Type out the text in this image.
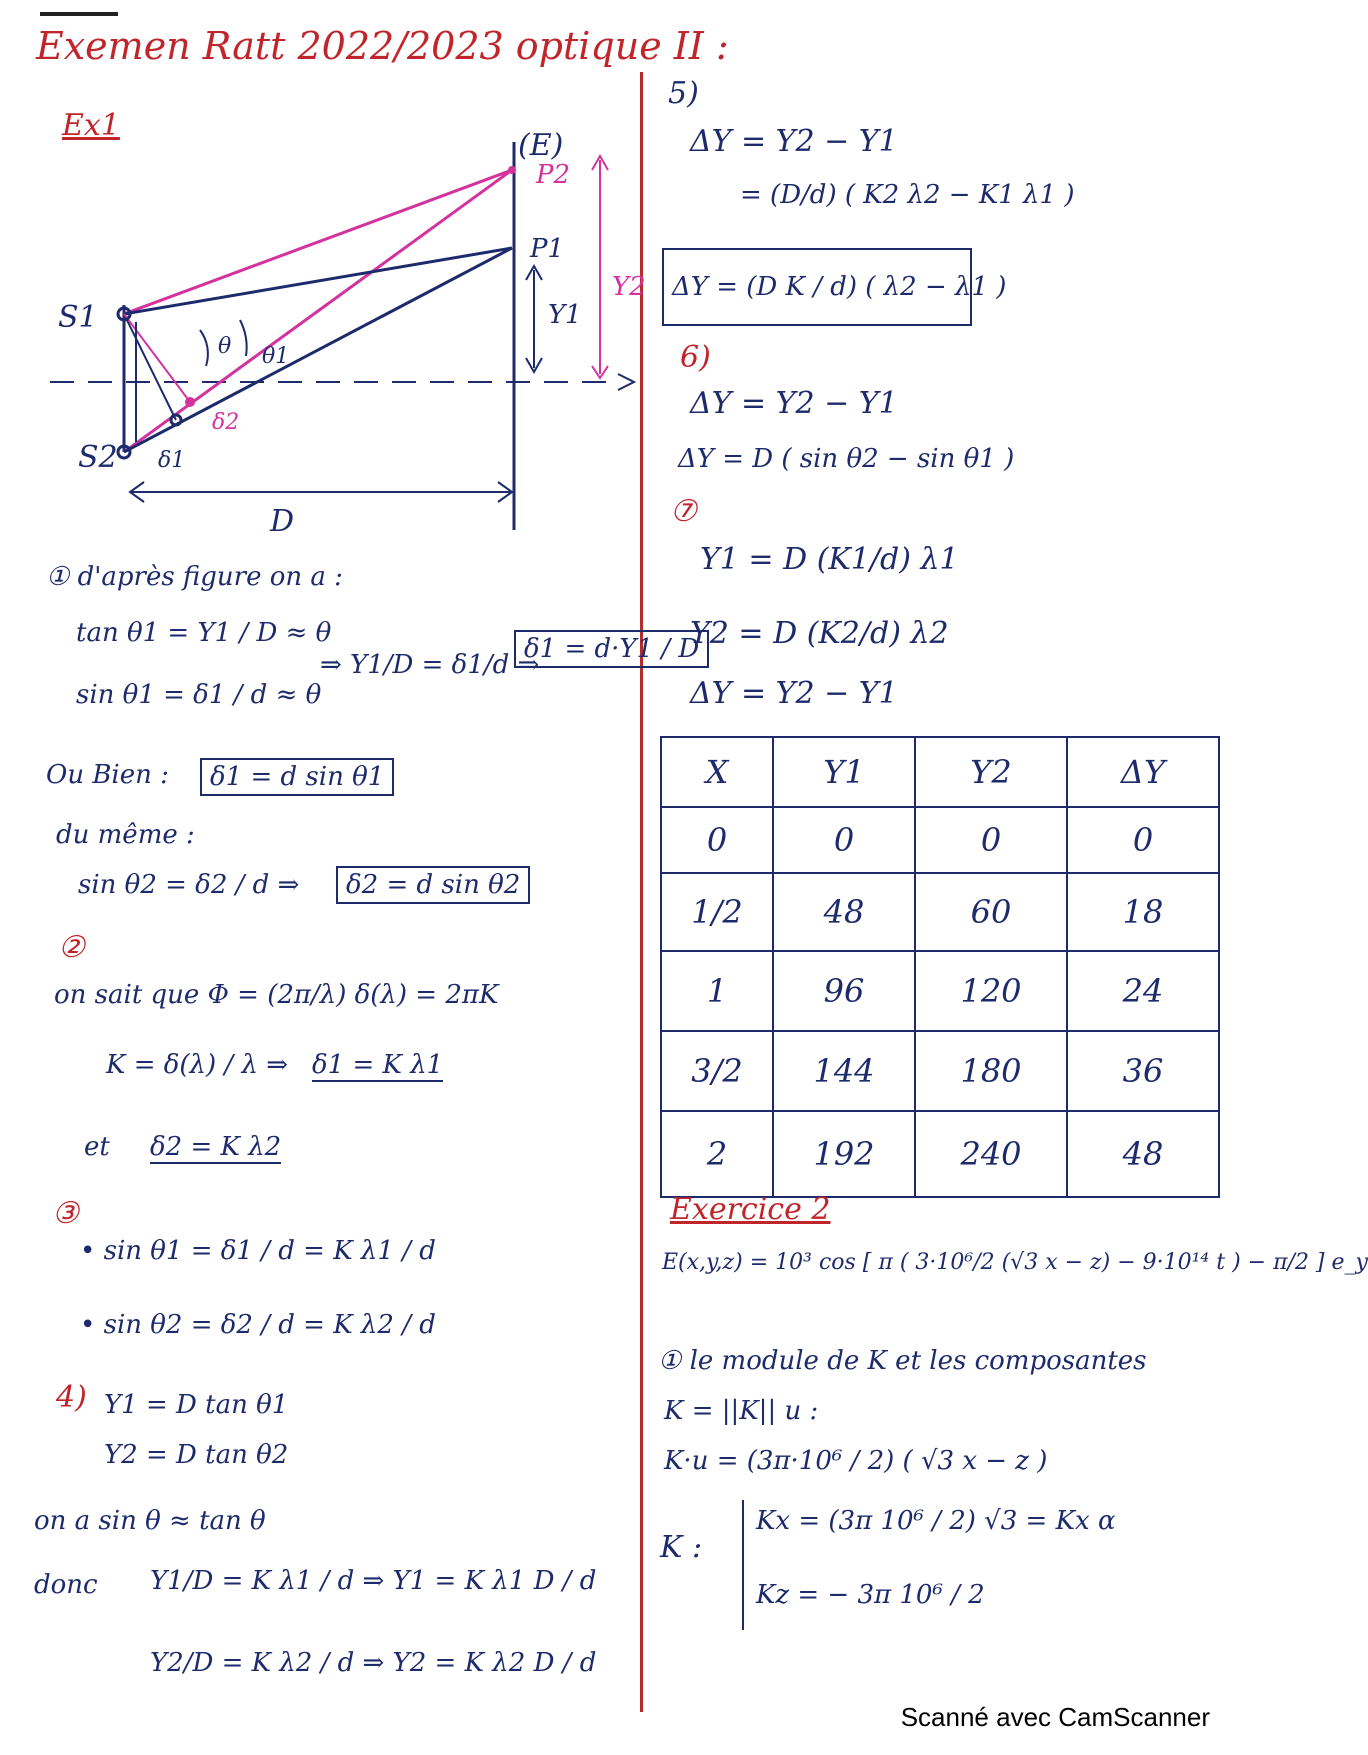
Exemen Ratt 2022/2023 optique II :
Ex1
(E)
P2
P1
Y1
Y2
S1
S2
θ θ1
δ1
δ2
D
① d'après figure on a :
tan θ1 = Y1 / D ≈ θ
sin θ1 = δ1 / d ≈ θ
⇒ Y1/D = δ1/d ⇒
δ1 = d·Y1 / D
Ou Bien :	δ1 = d sin θ1
du même :
sin θ2 = δ2 / d ⇒	δ2 = d sin θ2
②
on sait que Φ = (2π/λ) δ(λ) = 2πK
K = δ(λ) / λ ⇒ δ1 = K λ1
et δ2 = K λ2
③
• sin θ1 = δ1 / d = K λ1 / d
• sin θ2 = δ2 / d = K λ2 / d
4) Y1 = D tan θ1
Y2 = D tan θ2
on a sin θ ≈ tan θ
donc Y1/D = K λ1 / d ⇒ Y1 = K λ1 D / d
Y2/D = K λ2 / d ⇒ Y2 = K λ2 D / d
5)
ΔY = Y2 − Y1
= (D/d) ( K2 λ2 − K1 λ1 )
ΔY = (D K / d) ( λ2 − λ1 )
6)
ΔY = Y2 − Y1
ΔY = D ( sin θ2 − sin θ1 )
⑦
Y1 = D (K1/d) λ1
Y2 = D (K2/d) λ2
ΔY = Y2 − Y1
X	Y1	Y2	ΔY
0	0	0	0
1/2	48	60	18
1	96	120	24
3/2	144	180	36
2	192	240	48
Exercice 2
E(x,y,z) = 10³ cos [ π ( 3·10⁶/2 (√3 x − z) − 9·10¹⁴ t ) − π/2 ] e_y
① le module de K et les composantes
K = ||K|| u :
K·u = (3π·10⁶ / 2) ( √3 x − z )
K :
Kx = (3π 10⁶ / 2) √3 = Kx α
Kz = − 3π 10⁶ / 2
Scanné avec CamScanner
